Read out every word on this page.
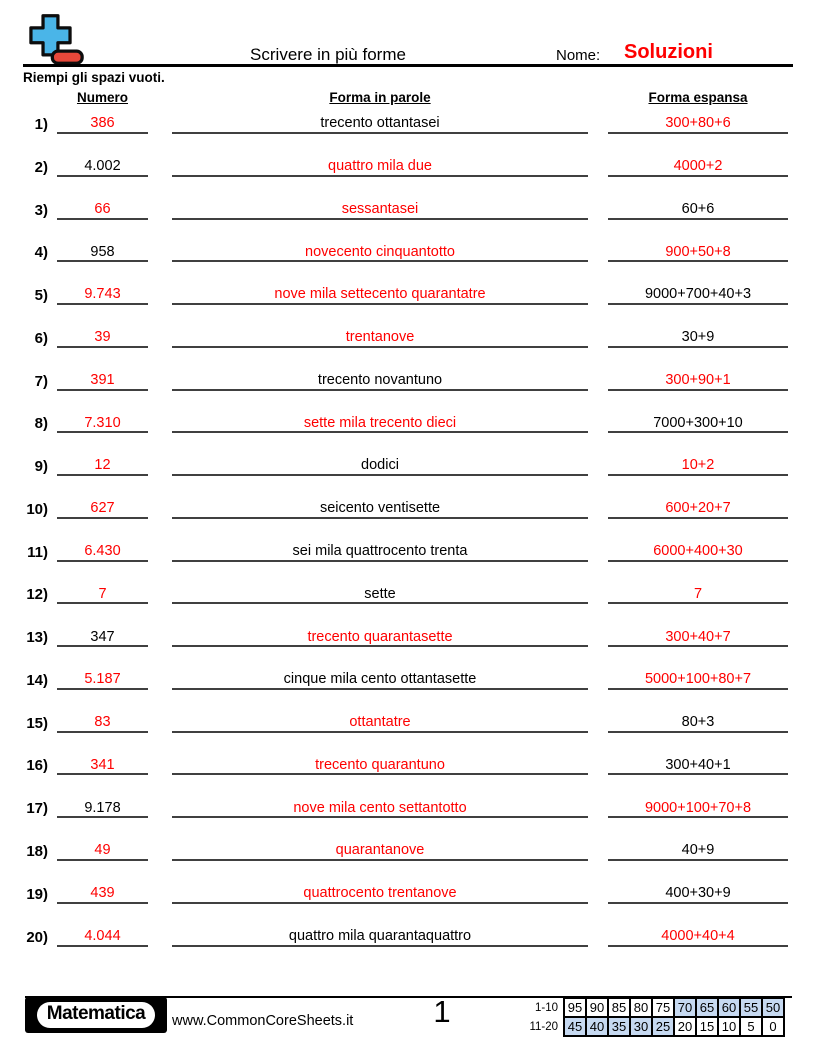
Scrivere in più forme	Nome: Soluzioni
Riempi gli spazi vuoti.
Numero	Forma in parole	Forma espansa
1)	386	trecento ottantasei	300+80+6
2)	4.002	quattro mila due	4000+2
3)	66	sessantasei	60+6
4)	958	novecento cinquantotto	900+50+8
5)	9.743	nove mila settecento quarantatre	9000+700+40+3
6)	39	trentanove	30+9
7)	391	trecento novantuno	300+90+1
8)	7.310	sette mila trecento dieci	7000+300+10
9)	12	dodici	10+2
10)	627	seicento ventisette	600+20+7
11)	6.430	sei mila quattrocento trenta	6000+400+30
12)	7	sette	7
13)	347	trecento quarantasette	300+40+7
14)	5.187	cinque mila cento ottantasette	5000+100+80+7
15)	83	ottantatre	80+3
16)	341	trecento quarantuno	300+40+1
17)	9.178	nove mila cento settantotto	9000+100+70+8
18)	49	quarantanove	40+9
19)	439	quattrocento trentanove	400+30+9
20)	4.044	quattro mila quarantaquattro	4000+40+4
Matematica	www.CommonCoreSheets.it	1	1-10	95	90	85	80	75	70	65	60	55	50
11-20	45	40	35	30	25	20	15	10	5	0
